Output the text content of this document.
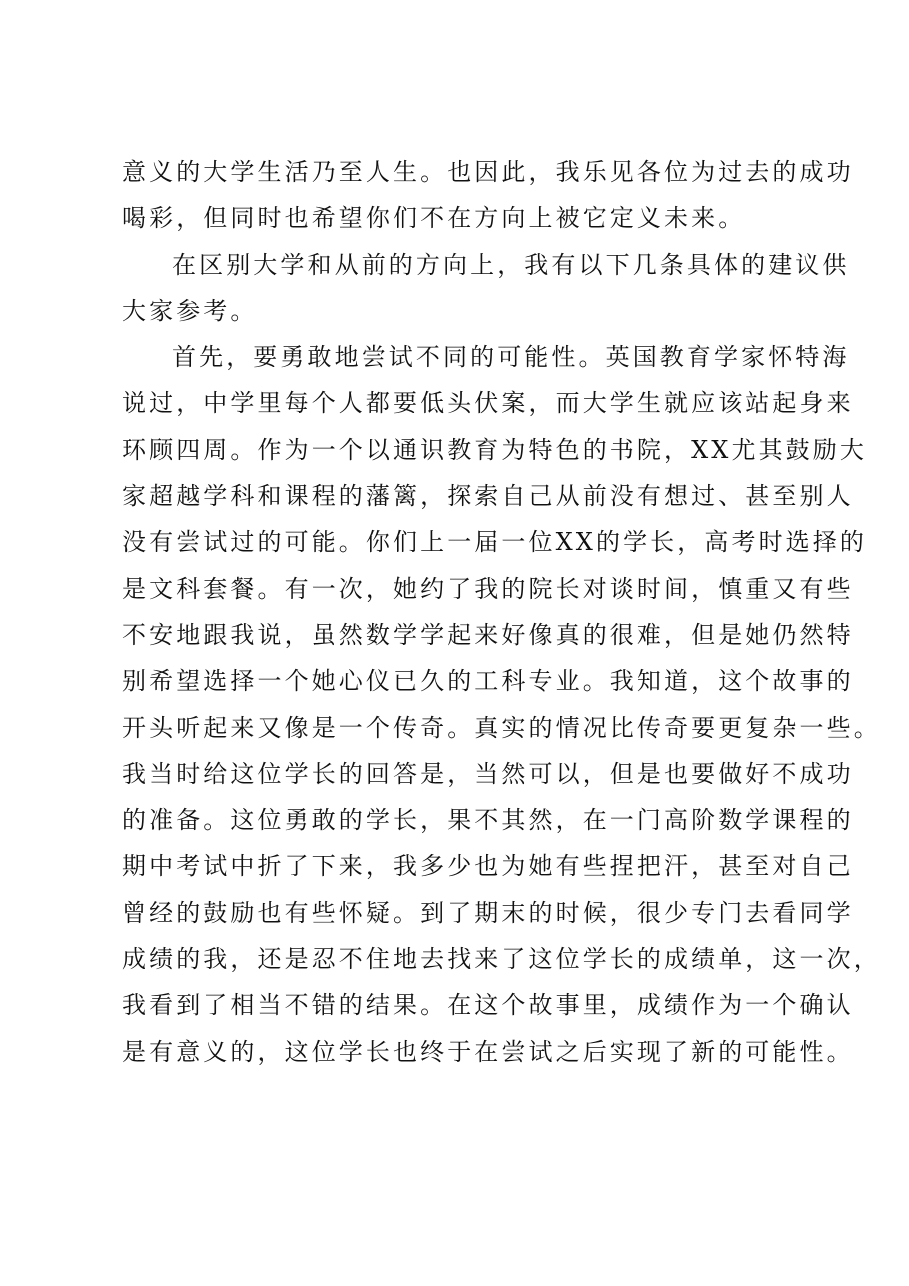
意义的大学生活乃至人生。也因此，我乐见各位为过去的成功
喝彩，但同时也希望你们不在方向上被它定义未来。
在区别大学和从前的方向上，我有以下几条具体的建议供
大家参考。
首先，要勇敢地尝试不同的可能性。英国教育学家怀特海
说过，中学里每个人都要低头伏案，而大学生就应该站起身来
环顾四周。作为一个以通识教育为特色的书院，XX尤其鼓励大
家超越学科和课程的藩篱，探索自己从前没有想过、甚至别人
没有尝试过的可能。你们上一届一位XX的学长，高考时选择的
是文科套餐。有一次，她约了我的院长对谈时间，慎重又有些
不安地跟我说，虽然数学学起来好像真的很难，但是她仍然特
别希望选择一个她心仪已久的工科专业。我知道，这个故事的
开头听起来又像是一个传奇。真实的情况比传奇要更复杂一些。
我当时给这位学长的回答是，当然可以，但是也要做好不成功
的准备。这位勇敢的学长，果不其然，在一门高阶数学课程的
期中考试中折了下来，我多少也为她有些捏把汗，甚至对自己
曾经的鼓励也有些怀疑。到了期末的时候，很少专门去看同学
成绩的我，还是忍不住地去找来了这位学长的成绩单，这一次，
我看到了相当不错的结果。在这个故事里，成绩作为一个确认
是有意义的，这位学长也终于在尝试之后实现了新的可能性。
